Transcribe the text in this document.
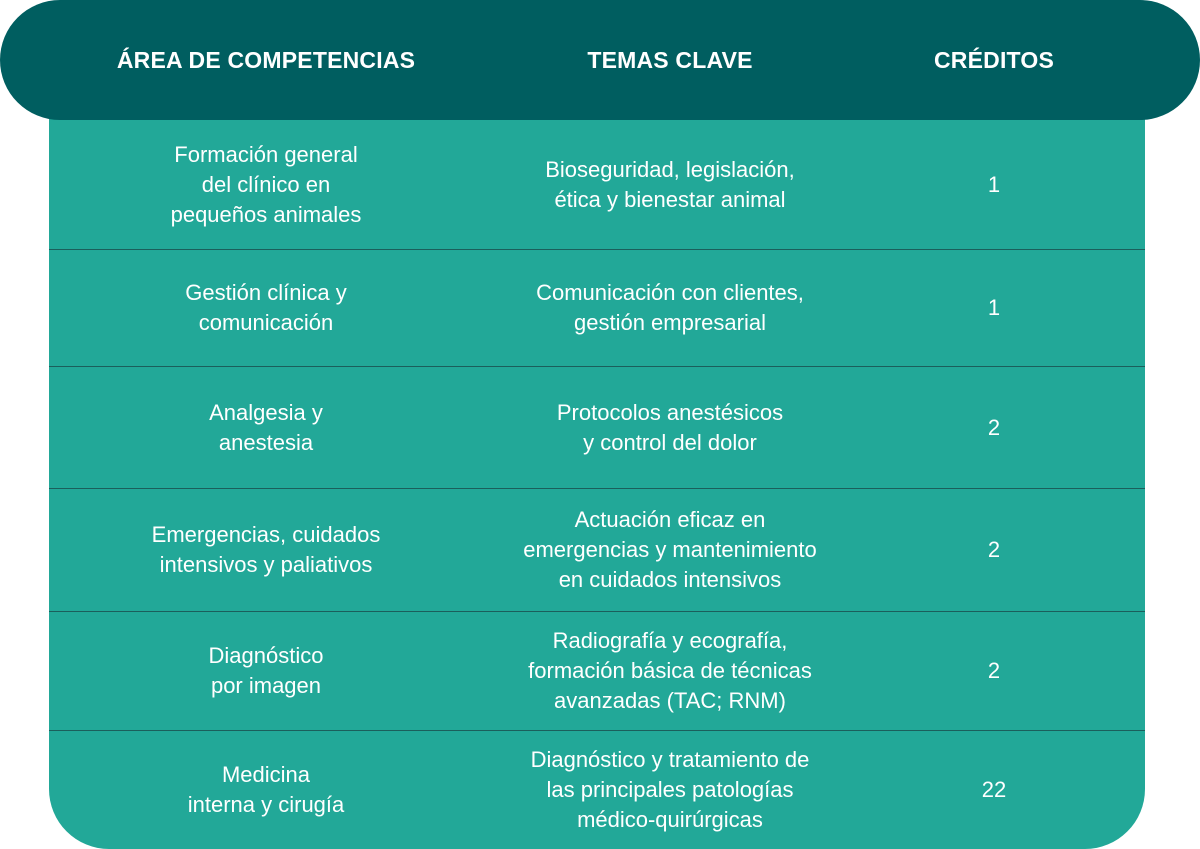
ÁREA DE COMPETENCIAS	TEMAS CLAVE	CRÉDITOS
Formación general
del clínico en
pequeños animales
Bioseguridad, legislación,
ética y bienestar animal
1
Gestión clínica y
comunicación
Comunicación con clientes,
gestión empresarial
1
Analgesia y
anestesia
Protocolos anestésicos
y control del dolor
2
Emergencias, cuidados
intensivos y paliativos
Actuación eficaz en
emergencias y mantenimiento
en cuidados intensivos
2
Diagnóstico
por imagen
Radiografía y ecografía,
formación básica de técnicas
avanzadas (TAC; RNM)
2
Medicina
interna y cirugía
Diagnóstico y tratamiento de
las principales patologías
médico-quirúrgicas
22
